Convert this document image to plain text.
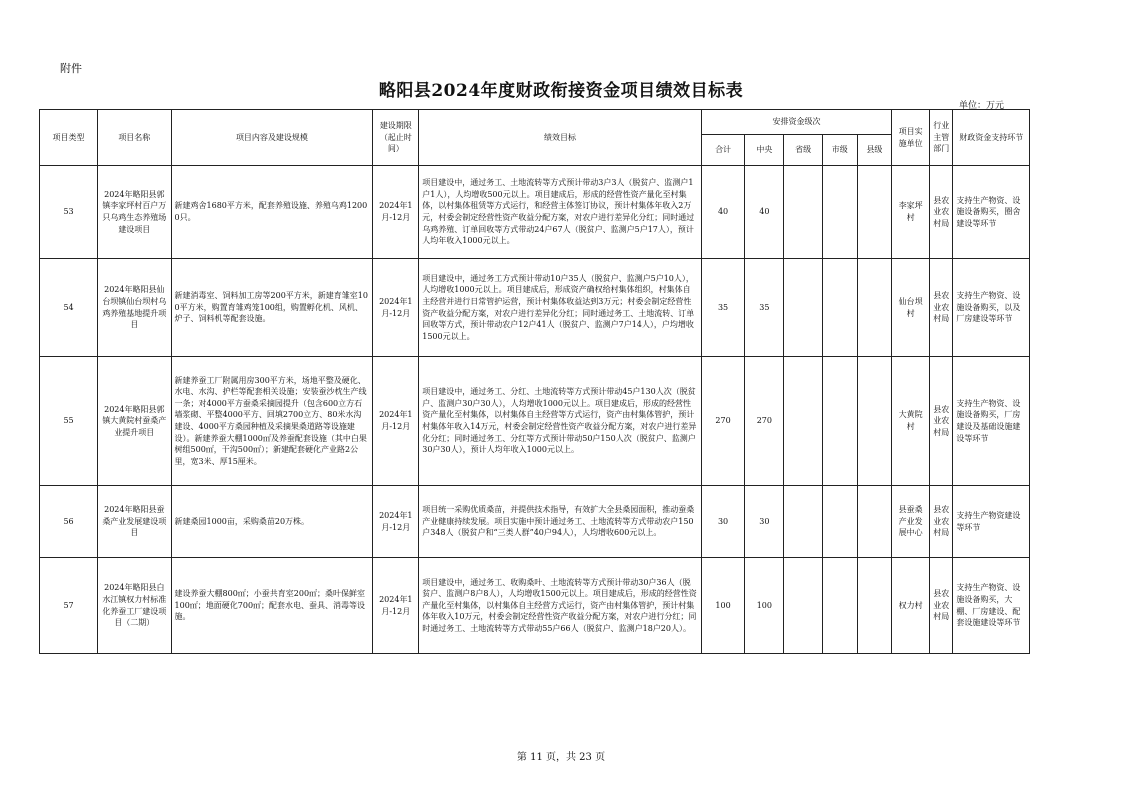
附件
略阳县2024年度财政衔接资金项目绩效目标表
单位：万元
项目类型	项目名称	项目内容及建设规模	建设期限（起止时间）	绩效目标	安排资金级次					项目实施单位	行业主管部门	财政资金支持环节
					合计	中央	省级	市级	县级			
53	2024年略阳县郭镇李家坪村百户万只乌鸡生态养殖场建设项目	新建鸡舍1680平方米，配套养殖设施、养殖乌鸡12000只。	2024年1月-12月	项目建设中，通过务工、土地流转等方式预计带动3户3人（脱贫户、监测户1户1人），人均增收500元以上。项目建成后，形成的经营性资产量化至村集体，以村集体租赁等方式运行，和经营主体签订协议，预计村集体年收入2万元，村委会制定经营性资产收益分配方案，对农户进行差异化分红；同时通过乌鸡养殖、订单回收等方式带动24户67人（脱贫户、监测户5户17人），预计人均年收入1000元以上。	40	40				李家坪村	县农业农村局	支持生产物资、设施设备购买，圈舍建设等环节
54	2024年略阳县仙台坝镇仙台坝村乌鸡养殖基地提升项目	新建消毒室、饲料加工房等200平方米，新建育雏室100平方米，购置育雏鸡笼100组，购置孵化机、风机、炉子、饲料机等配套设施。	2024年1月-12月	项目建设中，通过务工方式预计带动10户35人（脱贫户、监测户5户10人），人均增收1000元以上。项目建成后，形成资产确权给村集体组织，村集体自主经营并进行日常管护运营，预计村集体收益达到3万元；村委会制定经营性资产收益分配方案，对农户进行差异化分红；同时通过务工、土地流转、订单回收等方式，预计带动农户12户41人（脱贫户、监测户7户14人），户均增收1500元以上。	35	35				仙台坝村	县农业农村局	支持生产物资、设施设备购买，以及厂房建设等环节
55	2024年略阳县郭镇大黄院村蚕桑产业提升项目	新建养蚕工厂附属用房300平方米，场地平整及硬化、水电、水沟、护栏等配套相关设施；安装蚕沙枕生产线一条；对4000平方蚕桑采摘园提升（包含600立方石墙浆砌、平整4000平方、回填2700立方、80米水沟建设、4000平方桑园种植及采摘果桑道路等设施建设）。新建养蚕大棚1000㎡及养蚕配套设施（其中白果树组500㎡，干沟500㎡）；新建配套硬化产业路2公里，宽3米、厚15厘米。	2024年1月-12月	项目建设中，通过务工、分红、土地流转等方式预计带动45户130人次（脱贫户、监测户30户30人），人均增收1000元以上。项目建成后，形成的经营性资产量化至村集体，以村集体自主经营等方式运行，资产由村集体管护，预计村集体年收入14万元，村委会制定经营性资产收益分配方案，对农户进行差异化分红；同时通过务工、分红等方式预计带动50户150人次（脱贫户、监测户30户30人），预计人均年收入1000元以上。	270	270				大黄院村	县农业农村局	支持生产物资、设施设备购买，厂房建设及基础设施建设等环节
56	2024年略阳县蚕桑产业发展建设项目	新建桑园1000亩，采购桑苗20万株。	2024年1月-12月	项目统一采购优质桑苗，并提供技术指导，有效扩大全县桑园面积，推动蚕桑产业健康持续发展。项目实施中预计通过务工、土地流转等方式带动农户150户348人（脱贫户和“三类人群”40户94人），人均增收600元以上。	30	30				县蚕桑产业发展中心	县农业农村局	支持生产物资建设等环节
57	2024年略阳县白水江镇权力村标准化养蚕工厂建设项目（二期）	建设养蚕大棚800㎡；小蚕共育室200㎡；桑叶保鲜室100㎡；地面硬化700㎡；配套水电、蚕具、消毒等设施。	2024年1月-12月	项目建设中，通过务工、收购桑叶、土地流转等方式预计带动30户36人（脱贫户、监测户8户8人），人均增收1500元以上。项目建成后，形成的经营性资产量化至村集体，以村集体自主经营方式运行，资产由村集体管护，预计村集体年收入10万元，村委会制定经营性资产收益分配方案，对农户进行分红；同时通过务工、土地流转等方式带动55户66人（脱贫户、监测户18户20人）。	100	100				权力村	县农业农村局	支持生产物资、设施设备购买，大棚、厂房建设、配套设施建设等环节
第 11 页，共 23 页
